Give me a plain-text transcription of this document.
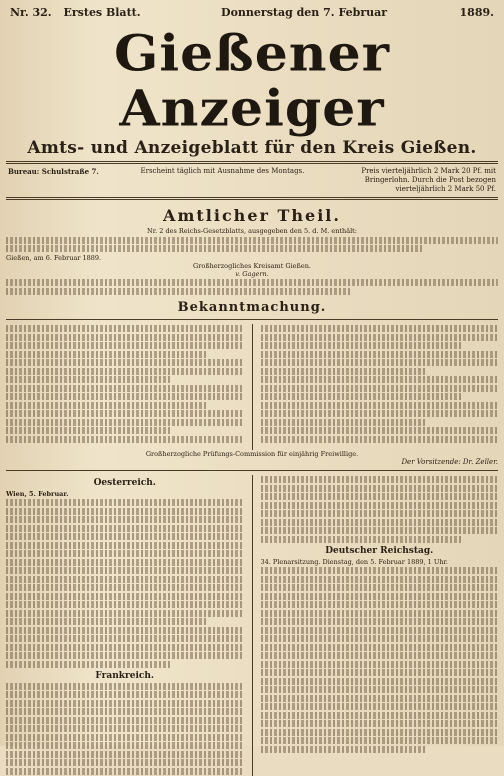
Nr. 32. Erstes Blatt.	Donnerstag den 7. Februar	1889.
Gießener Anzeiger
Amts- und Anzeigeblatt für den Kreis Gießen.
Bureau: Schulstraße 7.	Erscheint täglich mit Ausnahme des Montags.	Preis vierteljährlich 2 Mark 20 Pf. mit Bringerlohn. Durch die Post bezogen vierteljährlich 2 Mark 50 Pf.
Amtlicher Theil.
Nr. 2 des Reichs-Gesetzblatts, ausgegeben den 5. d. M. enthält:
Gießen, am 6. Februar 1889.
Großherzogliches Kreisamt Gießen.
v. Gagern.
Bekanntmachung.
Großherzogliche Prüfungs-Commission für einjährig Freiwillige.
Der Vorsitzende: Dr. Zeller.
Oesterreich.
Wien, 5. Februar.
Frankreich.
Deutscher Reichstag.
34. Plenarsitzung. Dienstag, den 5. Februar 1889, 1 Uhr.
